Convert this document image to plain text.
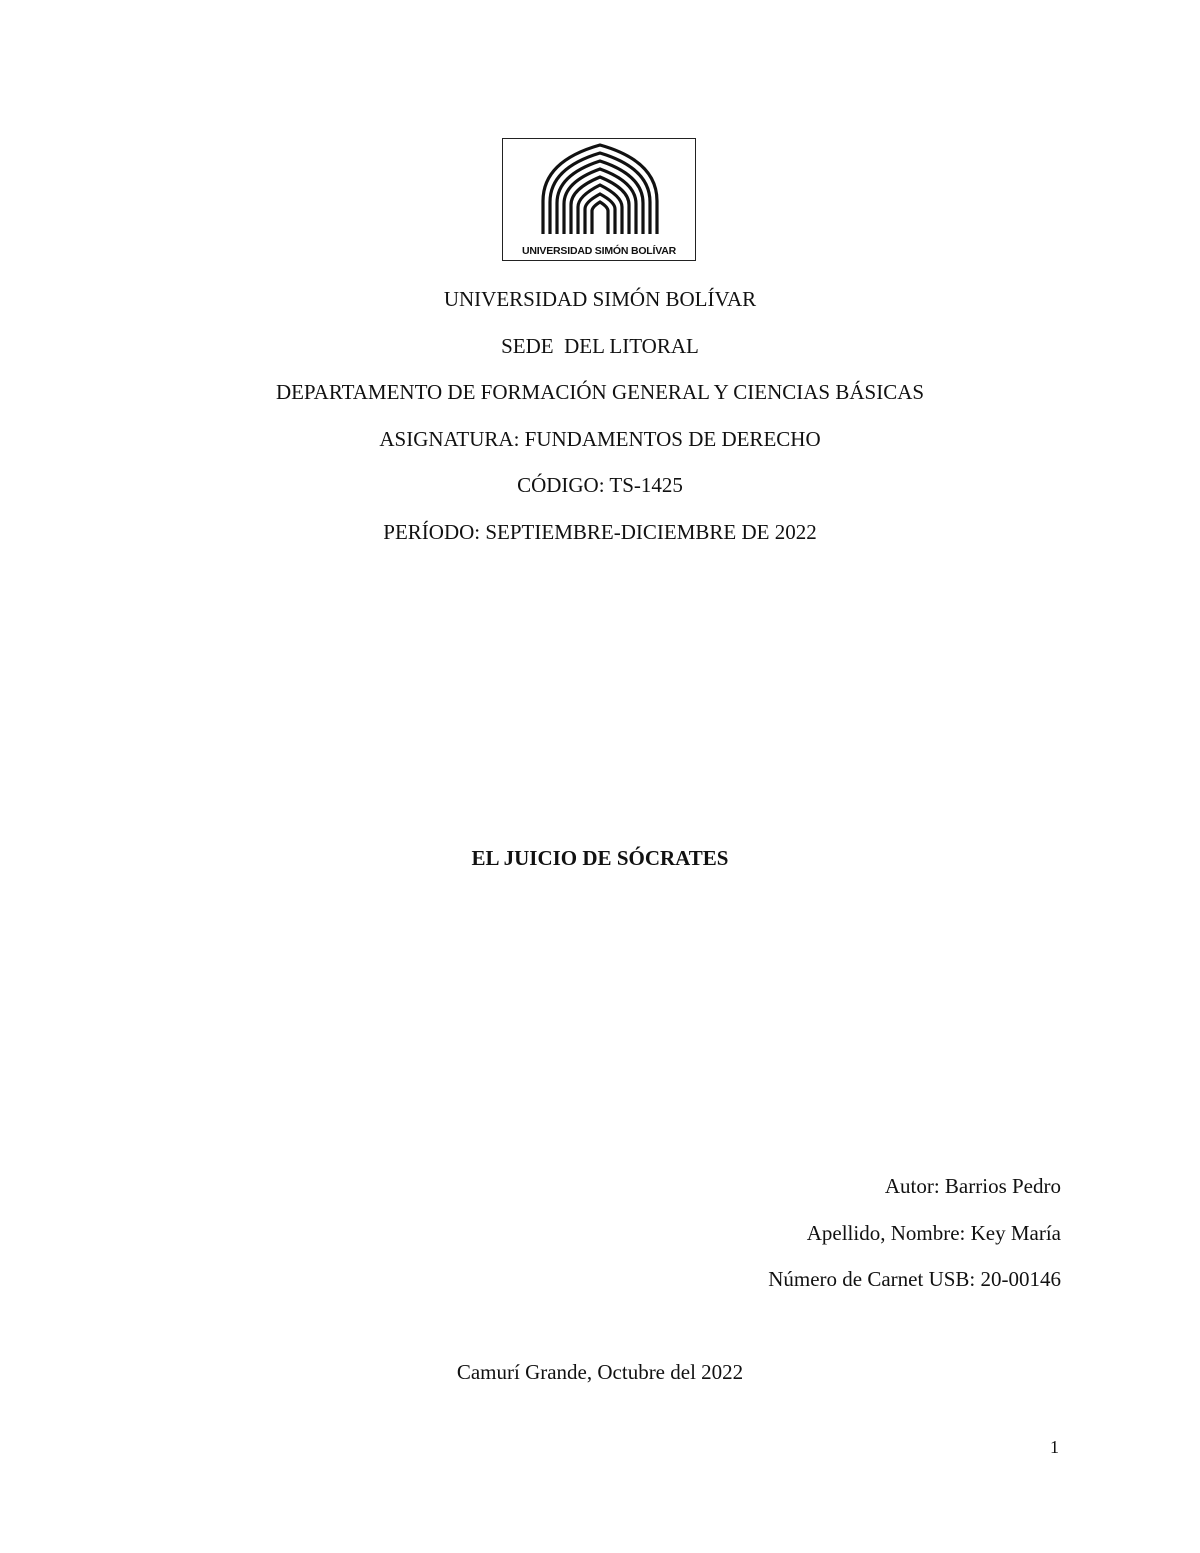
UNIVERSIDAD SIMÓN BOLÍVAR
UNIVERSIDAD SIMÓN BOLÍVAR
SEDE  DEL LITORAL
DEPARTAMENTO DE FORMACIÓN GENERAL Y CIENCIAS BÁSICAS
ASIGNATURA: FUNDAMENTOS DE DERECHO
CÓDIGO: TS-1425
PERÍODO: SEPTIEMBRE-DICIEMBRE DE 2022
EL JUICIO DE SÓCRATES
Autor: Barrios Pedro
Apellido, Nombre: Key María
Número de Carnet USB: 20-00146
Camurí Grande, Octubre del 2022
1
